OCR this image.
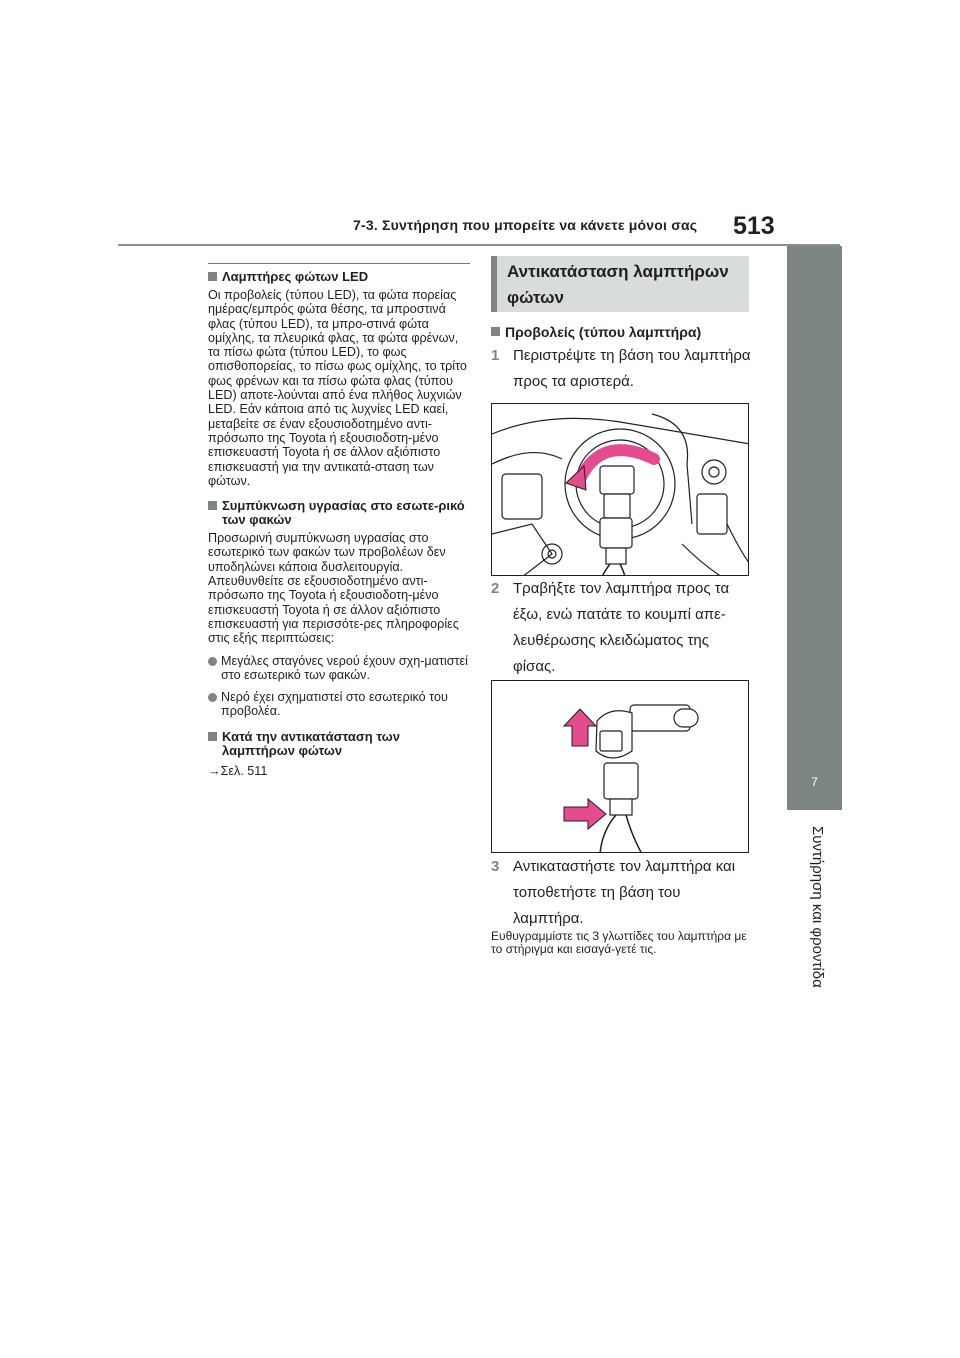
7-3. Συντήρηση που μπορείτε να κάνετε μόνοι σας 513
7
Συντήρηση και φροντίδα
Λαμπτήρες φώτων LED
Οι προβολείς (τύπου LED), τα φώτα πορείας ημέρας/εμπρός φώτα θέσης, τα μπροστινά φλας (τύπου LED), τα μπρο-στινά φώτα ομίχλης, τα πλευρικά φλας, τα φώτα φρένων, τα πίσω φώτα (τύπου LED), το φως οπισθοπορείας, το πίσω φως ομίχλης, το τρίτο φως φρένων και τα πίσω φώτα φλας (τύπου LED) αποτε-λούνται από ένα πλήθος λυχνιών LED. Εάν κάποια από τις λυχνίες LED καεί, μεταβείτε σε έναν εξουσιοδοτημένο αντι-πρόσωπο της Toyota ή εξουσιοδοτη-μένο επισκευαστή Toyota ή σε άλλον αξιόπιστο επισκευαστή για την αντικατά-σταση των φώτων.
Συμπύκνωση υγρασίας στο εσωτε-ρικό των φακών
Προσωρινή συμπύκνωση υγρασίας στο εσωτερικό των φακών των προβολέων δεν υποδηλώνει κάποια δυσλειτουργία. Απευθυνθείτε σε εξουσιοδοτημένο αντι-πρόσωπο της Toyota ή εξουσιοδοτη-μένο επισκευαστή Toyota ή σε άλλον αξιόπιστο επισκευαστή για περισσότε-ρες πληροφορίες στις εξής περιπτώσεις:
Μεγάλες σταγόνες νερού έχουν σχη-ματιστεί στο εσωτερικό των φακών.
Νερό έχει σχηματιστεί στο εσωτερικό του προβολέα.
Κατά την αντικατάσταση των λαμπτήρων φώτων
→Σελ. 511
Αντικατάσταση λαμπτήρων
φώτων
Προβολείς (τύπου λαμπτήρα)
1 Περιστρέψτε τη βάση του λαμπτήρα προς τα αριστερά.
2 Τραβήξτε τον λαμπτήρα προς τα έξω, ενώ πατάτε το κουμπί απε-λευθέρωσης κλειδώματος της φίσας.
3 Αντικαταστήστε τον λαμπτήρα και τοποθετήστε τη βάση του λαμπτήρα.
Ευθυγραμμίστε τις 3 γλωττίδες του λαμπτήρα με το στήριγμα και εισαγά-γετέ τις.
